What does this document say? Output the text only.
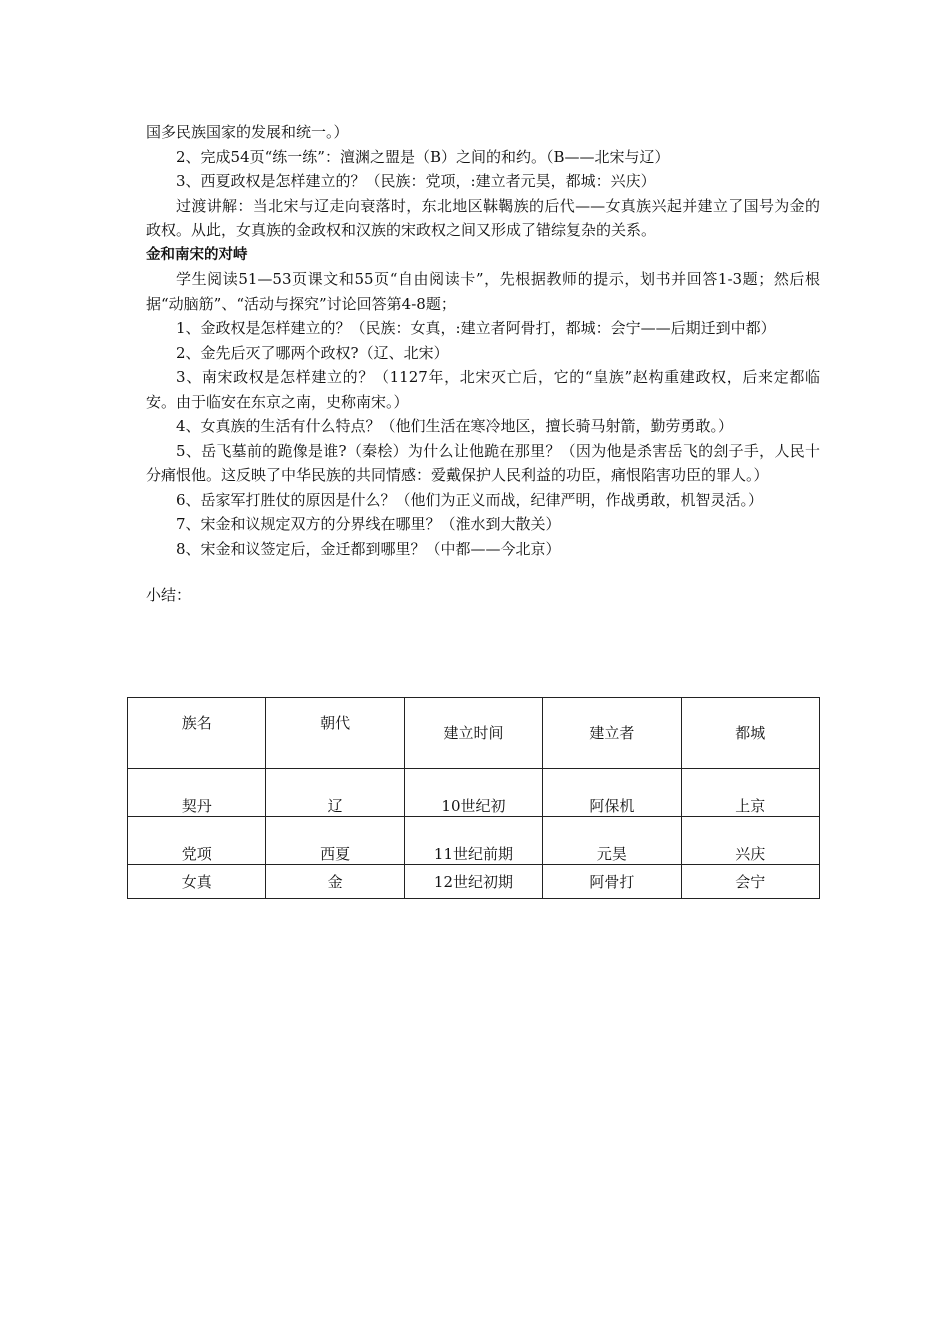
国多民族国家的发展和统一。）

2、完成54页“练一练”：澶渊之盟是（B）之间的和约。（B——北宋与辽）

3、西夏政权是怎样建立的？（民族：党项，:建立者元昊，都城：兴庆）

过渡讲解：当北宋与辽走向衰落时，东北地区靺鞨族的后代——女真族兴起并建立了国号为金的政权。从此，女真族的金政权和汉族的宋政权之间又形成了错综复杂的关系。

金和南宋的对峙

学生阅读51—53页课文和55页“自由阅读卡”，先根据教师的提示，划书并回答1-3题；然后根据“动脑筋”、“活动与探究”讨论回答第4-8题；

1、金政权是怎样建立的？（民族：女真，:建立者阿骨打，都城：会宁——后期迁到中都）

2、金先后灭了哪两个政权?（辽、北宋）

3、南宋政权是怎样建立的？（1127年，北宋灭亡后，它的“皇族”赵构重建政权，后来定都临安。由于临安在东京之南，史称南宋。）

4、女真族的生活有什么特点？（他们生活在寒冷地区，擅长骑马射箭，勤劳勇敢。）

5、岳飞墓前的跪像是谁?（秦桧）为什么让他跪在那里？（因为他是杀害岳飞的刽子手，人民十分痛恨他。这反映了中华民族的共同情感：爱戴保护人民利益的功臣，痛恨陷害功臣的罪人。）

6、岳家军打胜仗的原因是什么？（他们为正义而战，纪律严明，作战勇敢，机智灵活。）

7、宋金和议规定双方的分界线在哪里？（淮水到大散关）

8、宋金和议签定后，金迁都到哪里？（中都——今北京）

小结：

族名	朝代	建立时间	建立者	都城
契丹	辽	10世纪初	阿保机	上京
党项	西夏	11世纪前期	元昊	兴庆
女真	金	12世纪初期	阿骨打	会宁
